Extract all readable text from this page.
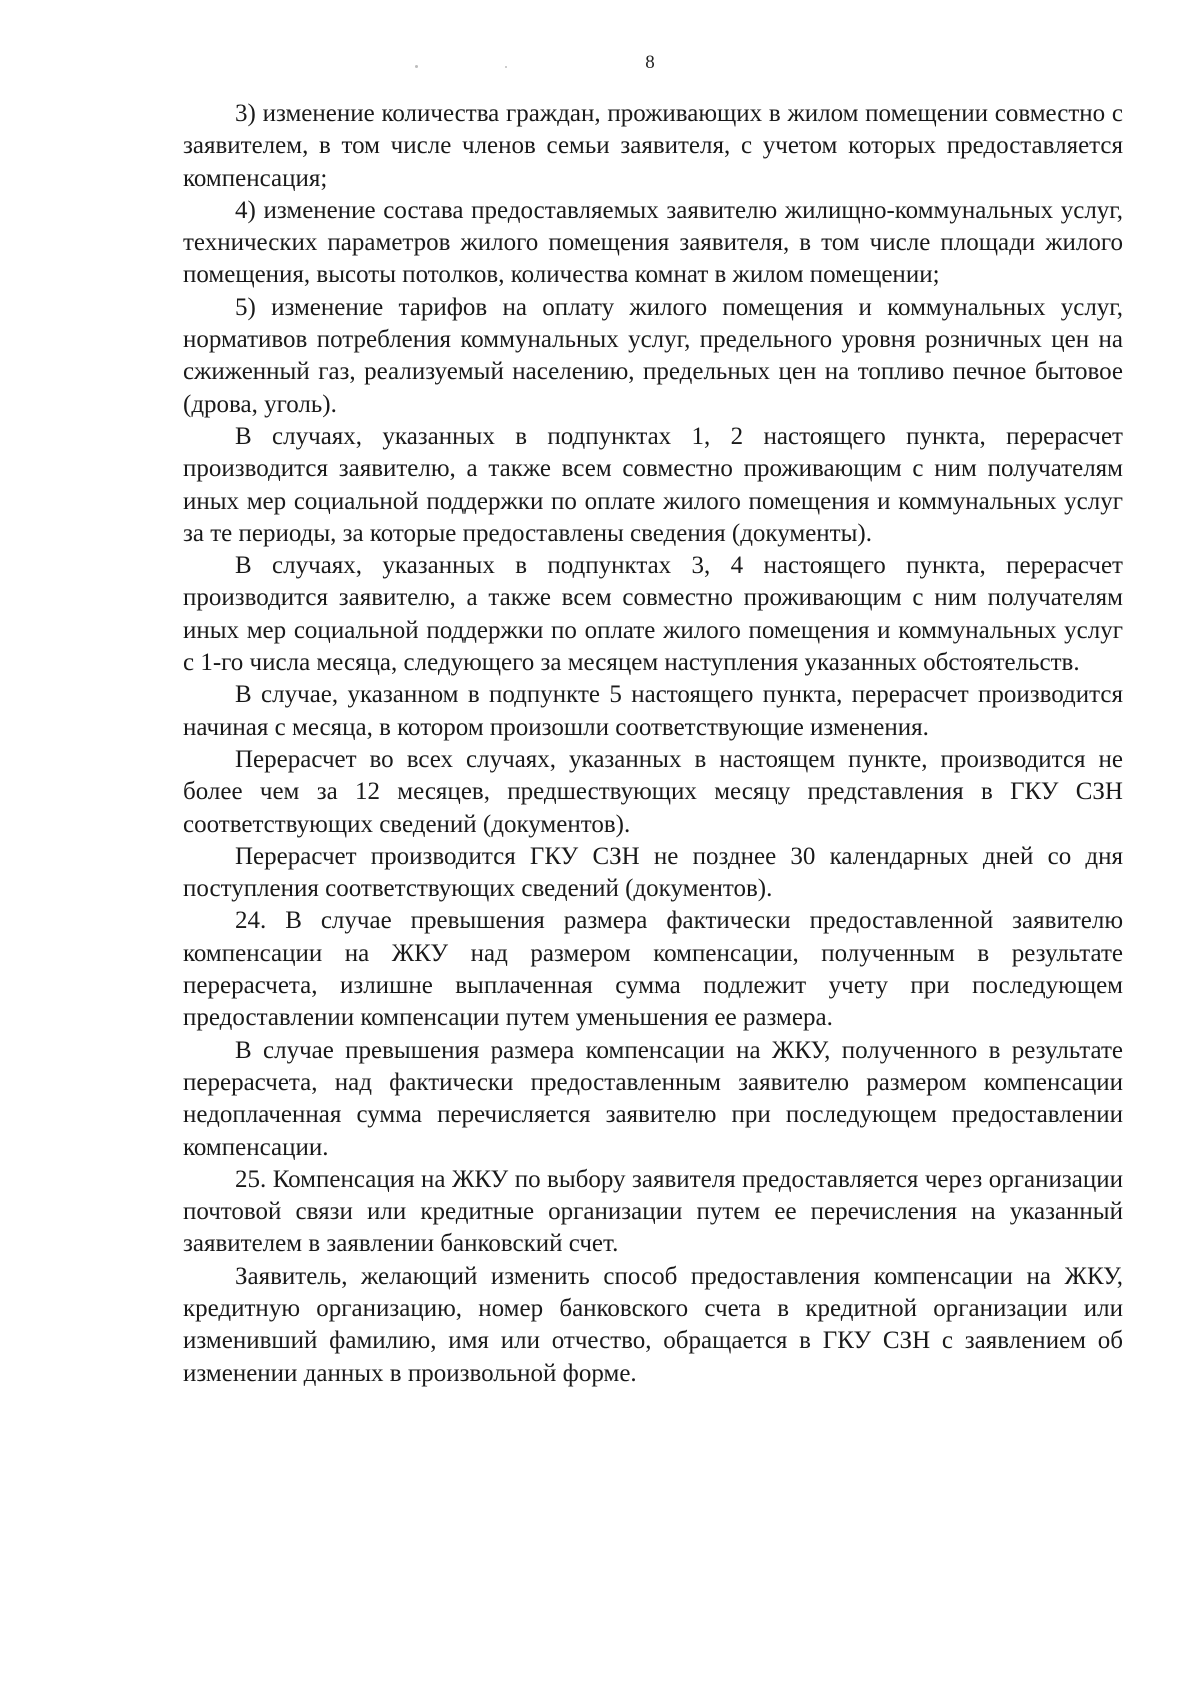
8

3) изменение количества граждан, проживающих в жилом помещении совместно с заявителем, в том числе членов семьи заявителя, с учетом которых предоставляется компенсация;

4) изменение состава предоставляемых заявителю жилищно-коммунальных услуг, технических параметров жилого помещения заявителя, в том числе площади жилого помещения, высоты потолков, количества комнат в жилом помещении;

5) изменение тарифов на оплату жилого помещения и коммунальных услуг, нормативов потребления коммунальных услуг, предельного уровня розничных цен на сжиженный газ, реализуемый населению, предельных цен на топливо печное бытовое (дрова, уголь).

В случаях, указанных в подпунктах 1, 2 настоящего пункта, перерасчет производится заявителю, а также всем совместно проживающим с ним получателям иных мер социальной поддержки по оплате жилого помещения и коммунальных услуг за те периоды, за которые предоставлены сведения (документы).

В случаях, указанных в подпунктах 3, 4 настоящего пункта, перерасчет производится заявителю, а также всем совместно проживающим с ним получателям иных мер социальной поддержки по оплате жилого помещения и коммунальных услуг с 1-го числа месяца, следующего за месяцем наступления указанных обстоятельств.

В случае, указанном в подпункте 5 настоящего пункта, перерасчет производится начиная с месяца, в котором произошли соответствующие изменения.

Перерасчет во всех случаях, указанных в настоящем пункте, производится не более чем за 12 месяцев, предшествующих месяцу представления в ГКУ СЗН соответствующих сведений (документов).

Перерасчет производится ГКУ СЗН не позднее 30 календарных дней со дня поступления соответствующих сведений (документов).

24. В случае превышения размера фактически предоставленной заявителю компенсации на ЖКУ над размером компенсации, полученным в результате перерасчета, излишне выплаченная сумма подлежит учету при последующем предоставлении компенсации путем уменьшения ее размера.

В случае превышения размера компенсации на ЖКУ, полученного в результате перерасчета, над фактически предоставленным заявителю размером компенсации недоплаченная сумма перечисляется заявителю при последующем предоставлении компенсации.

25. Компенсация на ЖКУ по выбору заявителя предоставляется через организации почтовой связи или кредитные организации путем ее перечисления на указанный заявителем в заявлении банковский счет.

Заявитель, желающий изменить способ предоставления компенсации на ЖКУ, кредитную организацию, номер банковского счета в кредитной организации или изменивший фамилию, имя или отчество, обращается в ГКУ СЗН с заявлением об изменении данных в произвольной форме.
